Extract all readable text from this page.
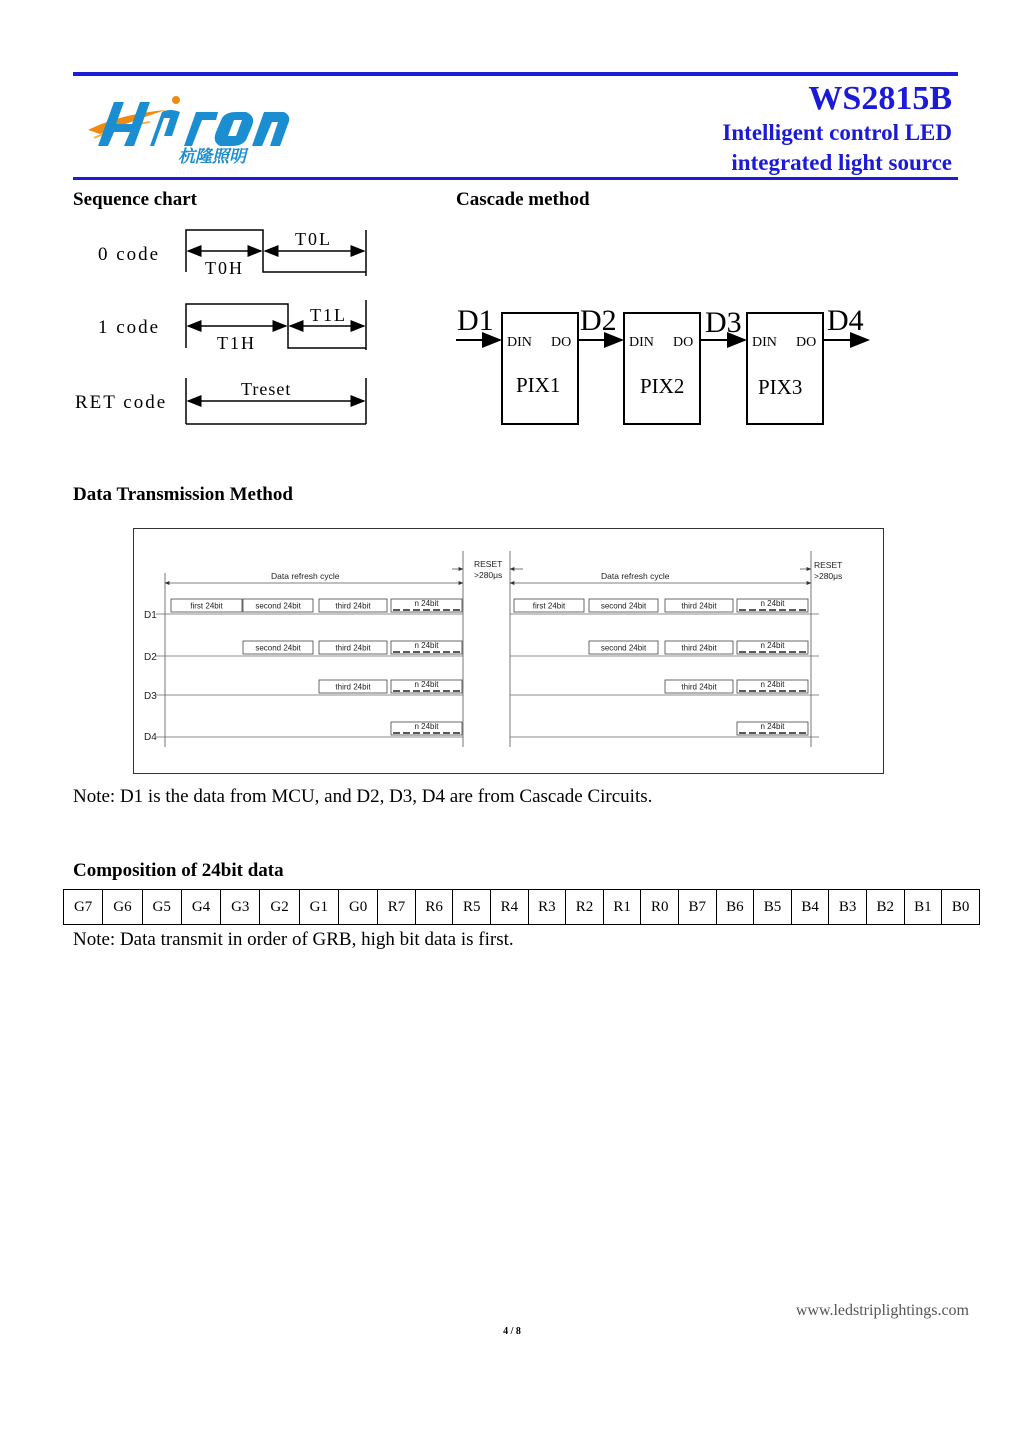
杭隆照明
WS2815B
Intelligent control LED
integrated light source
Sequence chart
0 code
T0H
T0L
1 code
T1H
T1L
RET code
Treset
Cascade method
D1	D2	D3	D4
DIN DO	DIN DO	DIN DO
PIX1	PIX2	PIX3
Data Transmission Method
Data refresh cycle	Data refresh cycle
RESET
>280μs
RESET
>280μs
D1
D2
D3
D4
first 24bit	second 24bit	third 24bit	n 24bit	first 24bit	second 24bit	third 24bit	n 24bit
second 24bit	third 24bit	n 24bit	second 24bit	third 24bit	n 24bit
third 24bit	n 24bit	third 24bit	n 24bit
n 24bit	n 24bit
Note: D1 is the data from MCU, and D2, D3, D4 are from Cascade Circuits.
Composition of 24bit data
G7	G6	G5	G4	G3	G2	G1	G0	R7	R6	R5	R4	R3	R2	R1	R0	B7	B6	B5	B4	B3	B2	B1	B0
Note: Data transmit in order of GRB, high bit data is first.
www.ledstriplightings.com
4 / 8
